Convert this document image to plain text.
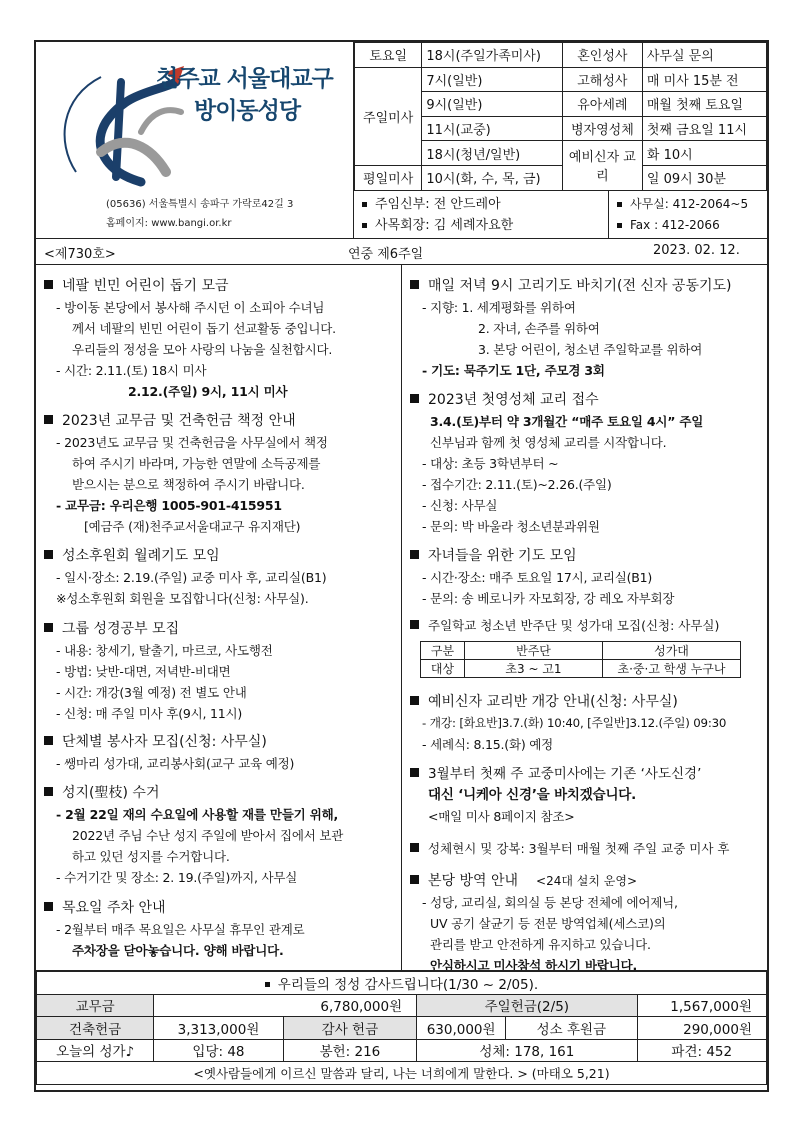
천주교 서울대교구
방이동성당
(05636) 서울특별시 송파구 가락로42길 3
홈페이지: www.bangi.or.kr
토요일	18시(주일가족미사)	혼인성사	사무실 문의
주일미사	7시(일반)	고해성사	매 미사 15분 전
	9시(일반)	유아세례	매월 첫째 토요일
	11시(교중)	병자영성체	첫째 금요일 11시
	18시(청년/일반)	예비신자 교리	화 10시
평일미사	10시(화, 수, 목, 금)		일 09시 30분
주임신부: 전 안드레아
사목회장: 김 세례자요한
사무실: 412-2064~5
Fax : 412-2066
<제730호>	연중 제6주일	2023. 02. 12.
네팔 빈민 어린이 돕기 모금

- 방이동 본당에서 봉사해 주시던 이 소피아 수녀님

께서 네팔의 빈민 어린이 돕기 선교활동 중입니다.

우리들의 정성을 모아 사랑의 나눔을 실천합시다.

- 시간: 2.11.(토) 18시 미사

2.12.(주일) 9시, 11시 미사

2023년 교무금 및 건축헌금 책정 안내

- 2023년도 교무금 및 건축헌금을 사무실에서 책정

하여 주시기 바라며, 가능한 연말에 소득공제를

받으시는 분으로 책정하여 주시기 바랍니다.

- 교무금: 우리은행 1005-901-415951

[예금주 (재)천주교서울대교구 유지재단)

성소후원회 월례기도 모임

- 일시·장소: 2.19.(주일) 교중 미사 후, 교리실(B1)

※성소후원회 회원을 모집합니다(신청: 사무실).

그룹 성경공부 모집

- 내용: 창세기, 탈출기, 마르코, 사도행전

- 방법: 낮반-대면, 저녁반-비대면

- 시간: 개강(3월 예정) 전 별도 안내

- 신청: 매 주일 미사 후(9시, 11시)

단체별 봉사자 모집(신청: 사무실)

- 쌩마리 성가대, 교리봉사회(교구 교육 예정)

성지(聖枝) 수거

- 2월 22일 재의 수요일에 사용할 재를 만들기 위해,

2022년 주님 수난 성지 주일에 받아서 집에서 보관

하고 있던 성지를 수거합니다.

- 수거기간 및 장소: 2. 19.(주일)까지, 사무실

목요일 주차 안내

- 2월부터 매주 목요일은 사무실 휴무인 관계로

주차장을 닫아놓습니다. 양해 바랍니다.

매일 저녁 9시 고리기도 바치기(전 신자 공동기도)

- 지향: 1. 세계평화를 위하여

2. 자녀, 손주를 위하여

3. 본당 어린이, 청소년 주일학교를 위하여

- 기도: 묵주기도 1단, 주모경 3회

2023년 첫영성체 교리 접수

3.4.(토)부터 약 3개월간 “매주 토요일 4시” 주일

신부님과 함께 첫 영성체 교리를 시작합니다.

- 대상: 초등 3학년부터 ~

- 접수기간: 2.11.(토)~2.26.(주일)

- 신청: 사무실

- 문의: 박 바울라 청소년분과위원

자녀들을 위한 기도 모임

- 시간·장소: 매주 토요일 17시, 교리실(B1)

- 문의: 송 베로니카 자모회장, 강 레오 자부회장

주일학교 청소년 반주단 및 성가대 모집(신청: 사무실)
구분	반주단	성가대
대상	초3 ~ 고1	초·중·고 학생 누구나
예비신자 교리반 개강 안내(신청: 사무실)

- 개강: [화요반]3.7.(화) 10:40, [주일반]3.12.(주일) 09:30

- 세례식: 8.15.(화) 예정

3월부터 첫째 주 교중미사에는 기존 ‘사도신경’

대신 ‘니케아 신경’을 바치겠습니다.

<매일 미사 8페이지 참조>

성체현시 및 강복: 3월부터 매월 첫째 주일 교중 미사 후
본당 방역 안내 <24대 설치 운영>

- 성당, 교리실, 회의실 등 본당 전체에 에어제닉,

UV 공기 살균기 등 전문 방역업체(세스코)의

관리를 받고 안전하게 유지하고 있습니다.

안심하시고 미사참석 하시기 바랍니다.

우리들의 정성 감사드립니다(1/30 ~ 2/05).					
교무금	6,780,000원		주일헌금(2/5)		1,567,000원
건축헌금	3,313,000원	감사 헌금	630,000원	성소 후원금	290,000원
오늘의 성가♪	입당: 48	봉헌: 216	성체: 178, 161		파견: 452
<옛사람들에게 이르신 말씀과 달리, 나는 너희에게 말한다. > (마태오 5,21)					
